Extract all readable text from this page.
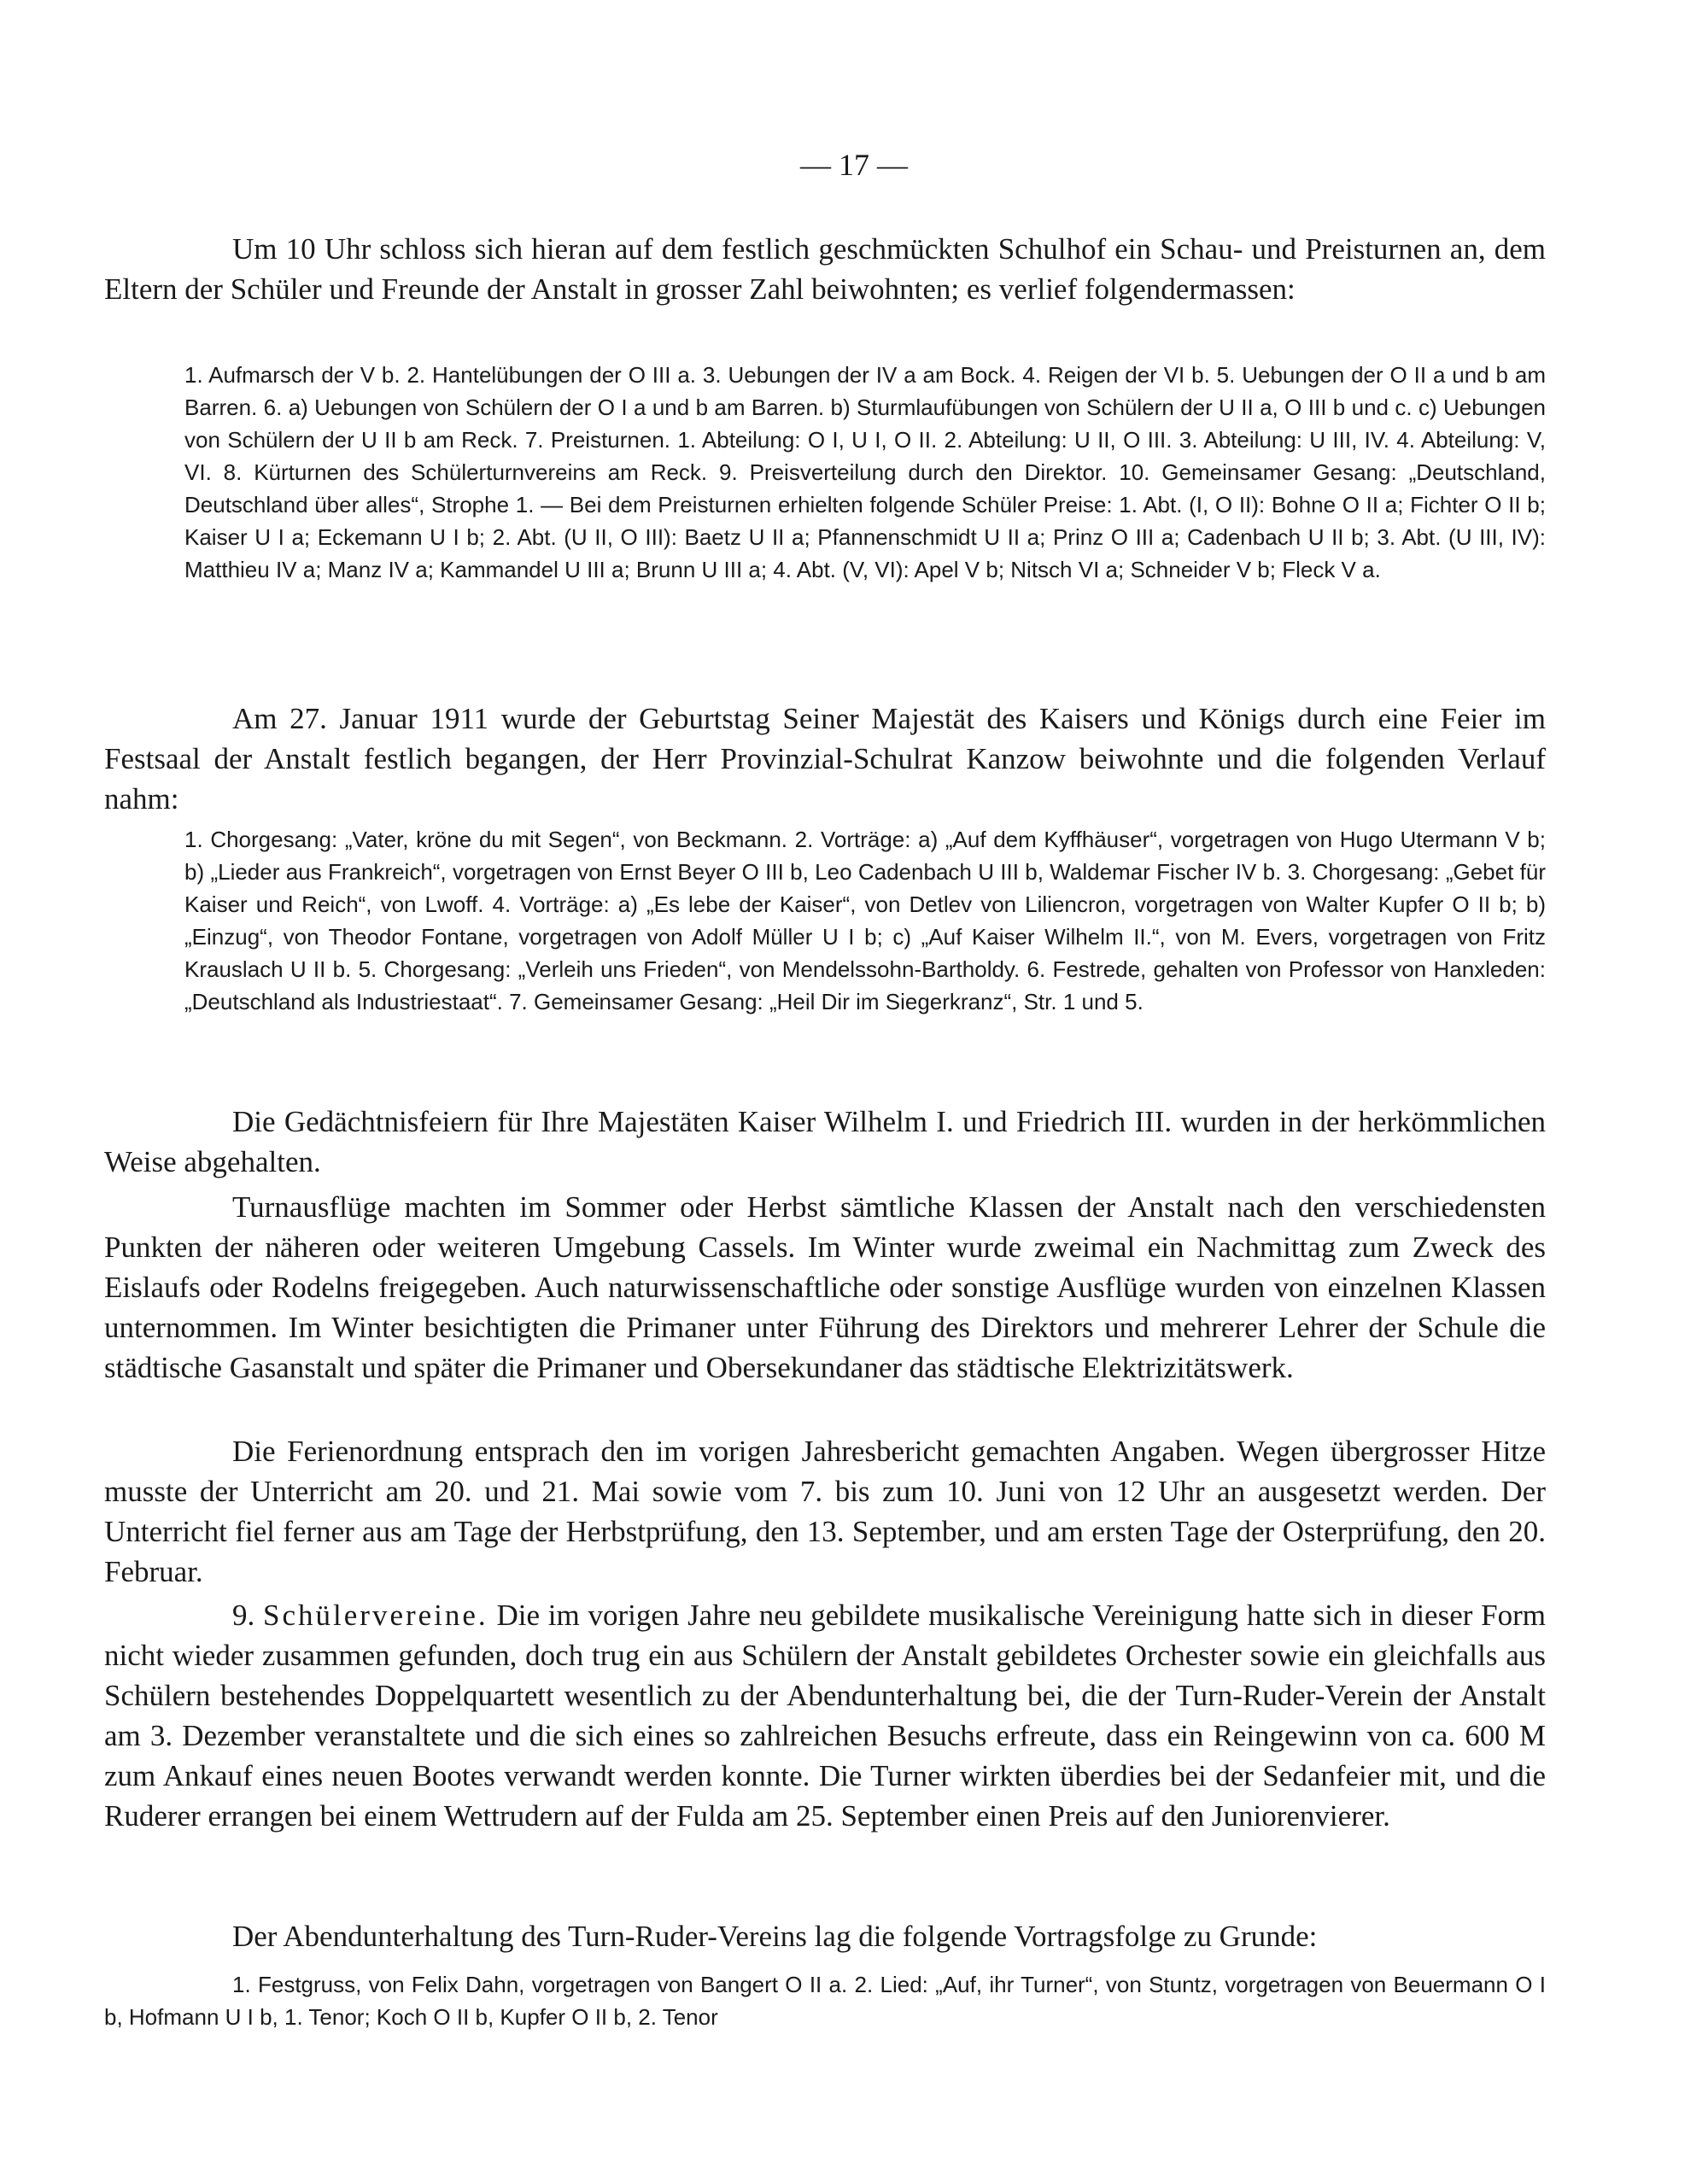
— 17 —
Um 10 Uhr schloss sich hieran auf dem festlich geschmückten Schulhof ein Schau- und Preisturnen an, dem Eltern der Schüler und Freunde der Anstalt in grosser Zahl beiwohnten; es verlief folgendermassen:
1. Aufmarsch der V b. 2. Hantelübungen der O III a. 3. Uebungen der IV a am Bock. 4. Reigen der VI b. 5. Uebungen der O II a und b am Barren. 6. a) Uebungen von Schülern der O I a und b am Barren. b) Sturmlaufübungen von Schülern der U II a, O III b und c. c) Uebungen von Schülern der U II b am Reck. 7. Preisturnen. 1. Abteilung: O I, U I, O II. 2. Abteilung: U II, O III. 3. Abteilung: U III, IV. 4. Abteilung: V, VI. 8. Kürturnen des Schülerturnvereins am Reck. 9. Preisverteilung durch den Direktor. 10. Gemeinsamer Gesang: „Deutschland, Deutschland über alles“, Strophe 1. — Bei dem Preisturnen erhielten folgende Schüler Preise: 1. Abt. (I, O II): Bohne O II a; Fichter O II b; Kaiser U I a; Eckemann U I b; 2. Abt. (U II, O III): Baetz U II a; Pfannenschmidt U II a; Prinz O III a; Cadenbach U II b; 3. Abt. (U III, IV): Matthieu IV a; Manz IV a; Kammandel U III a; Brunn U III a; 4. Abt. (V, VI): Apel V b; Nitsch VI a; Schneider V b; Fleck V a.
Am 27. Januar 1911 wurde der Geburtstag Seiner Majestät des Kaisers und Königs durch eine Feier im Festsaal der Anstalt festlich begangen, der Herr Provinzial-Schulrat Kanzow beiwohnte und die folgenden Verlauf nahm:
1. Chorgesang: „Vater, kröne du mit Segen“, von Beckmann. 2. Vorträge: a) „Auf dem Kyffhäuser“, vorgetragen von Hugo Utermann V b; b) „Lieder aus Frankreich“, vorgetragen von Ernst Beyer O III b, Leo Cadenbach U III b, Waldemar Fischer IV b. 3. Chorgesang: „Gebet für Kaiser und Reich“, von Lwoff. 4. Vorträge: a) „Es lebe der Kaiser“, von Detlev von Liliencron, vorgetragen von Walter Kupfer O II b; b) „Einzug“, von Theodor Fontane, vorgetragen von Adolf Müller U I b; c) „Auf Kaiser Wilhelm II.“, von M. Evers, vorgetragen von Fritz Krauslach U II b. 5. Chorgesang: „Verleih uns Frieden“, von Mendelssohn-Bartholdy. 6. Festrede, gehalten von Professor von Hanxleden: „Deutschland als Industriestaat“. 7. Gemeinsamer Gesang: „Heil Dir im Siegerkranz“, Str. 1 und 5.
Die Gedächtnisfeiern für Ihre Majestäten Kaiser Wilhelm I. und Friedrich III. wurden in der herkömmlichen Weise abgehalten.
Turnausflüge machten im Sommer oder Herbst sämtliche Klassen der Anstalt nach den verschiedensten Punkten der näheren oder weiteren Umgebung Cassels. Im Winter wurde zweimal ein Nachmittag zum Zweck des Eislaufs oder Rodelns freigegeben. Auch naturwissenschaftliche oder sonstige Ausflüge wurden von einzelnen Klassen unternommen. Im Winter besichtigten die Primaner unter Führung des Direktors und mehrerer Lehrer der Schule die städtische Gasanstalt und später die Primaner und Obersekundaner das städtische Elektrizitätswerk.
Die Ferienordnung entsprach den im vorigen Jahresbericht gemachten Angaben. Wegen übergrosser Hitze musste der Unterricht am 20. und 21. Mai sowie vom 7. bis zum 10. Juni von 12 Uhr an ausgesetzt werden. Der Unterricht fiel ferner aus am Tage der Herbstprüfung, den 13. September, und am ersten Tage der Osterprüfung, den 20. Februar.
9. Schülervereine. Die im vorigen Jahre neu gebildete musikalische Vereinigung hatte sich in dieser Form nicht wieder zusammen gefunden, doch trug ein aus Schülern der Anstalt gebildetes Orchester sowie ein gleichfalls aus Schülern bestehendes Doppelquartett wesentlich zu der Abendunterhaltung bei, die der Turn-Ruder-Verein der Anstalt am 3. Dezember veranstaltete und die sich eines so zahlreichen Besuchs erfreute, dass ein Reingewinn von ca. 600 M zum Ankauf eines neuen Bootes verwandt werden konnte. Die Turner wirkten überdies bei der Sedanfeier mit, und die Ruderer errangen bei einem Wettrudern auf der Fulda am 25. September einen Preis auf den Juniorenvierer.
Der Abendunterhaltung des Turn-Ruder-Vereins lag die folgende Vortragsfolge zu Grunde:
1. Festgruss, von Felix Dahn, vorgetragen von Bangert O II a. 2. Lied: „Auf, ihr Turner“, von Stuntz, vorgetragen von Beuermann O I b, Hofmann U I b, 1. Tenor; Koch O II b, Kupfer O II b, 2. Tenor
